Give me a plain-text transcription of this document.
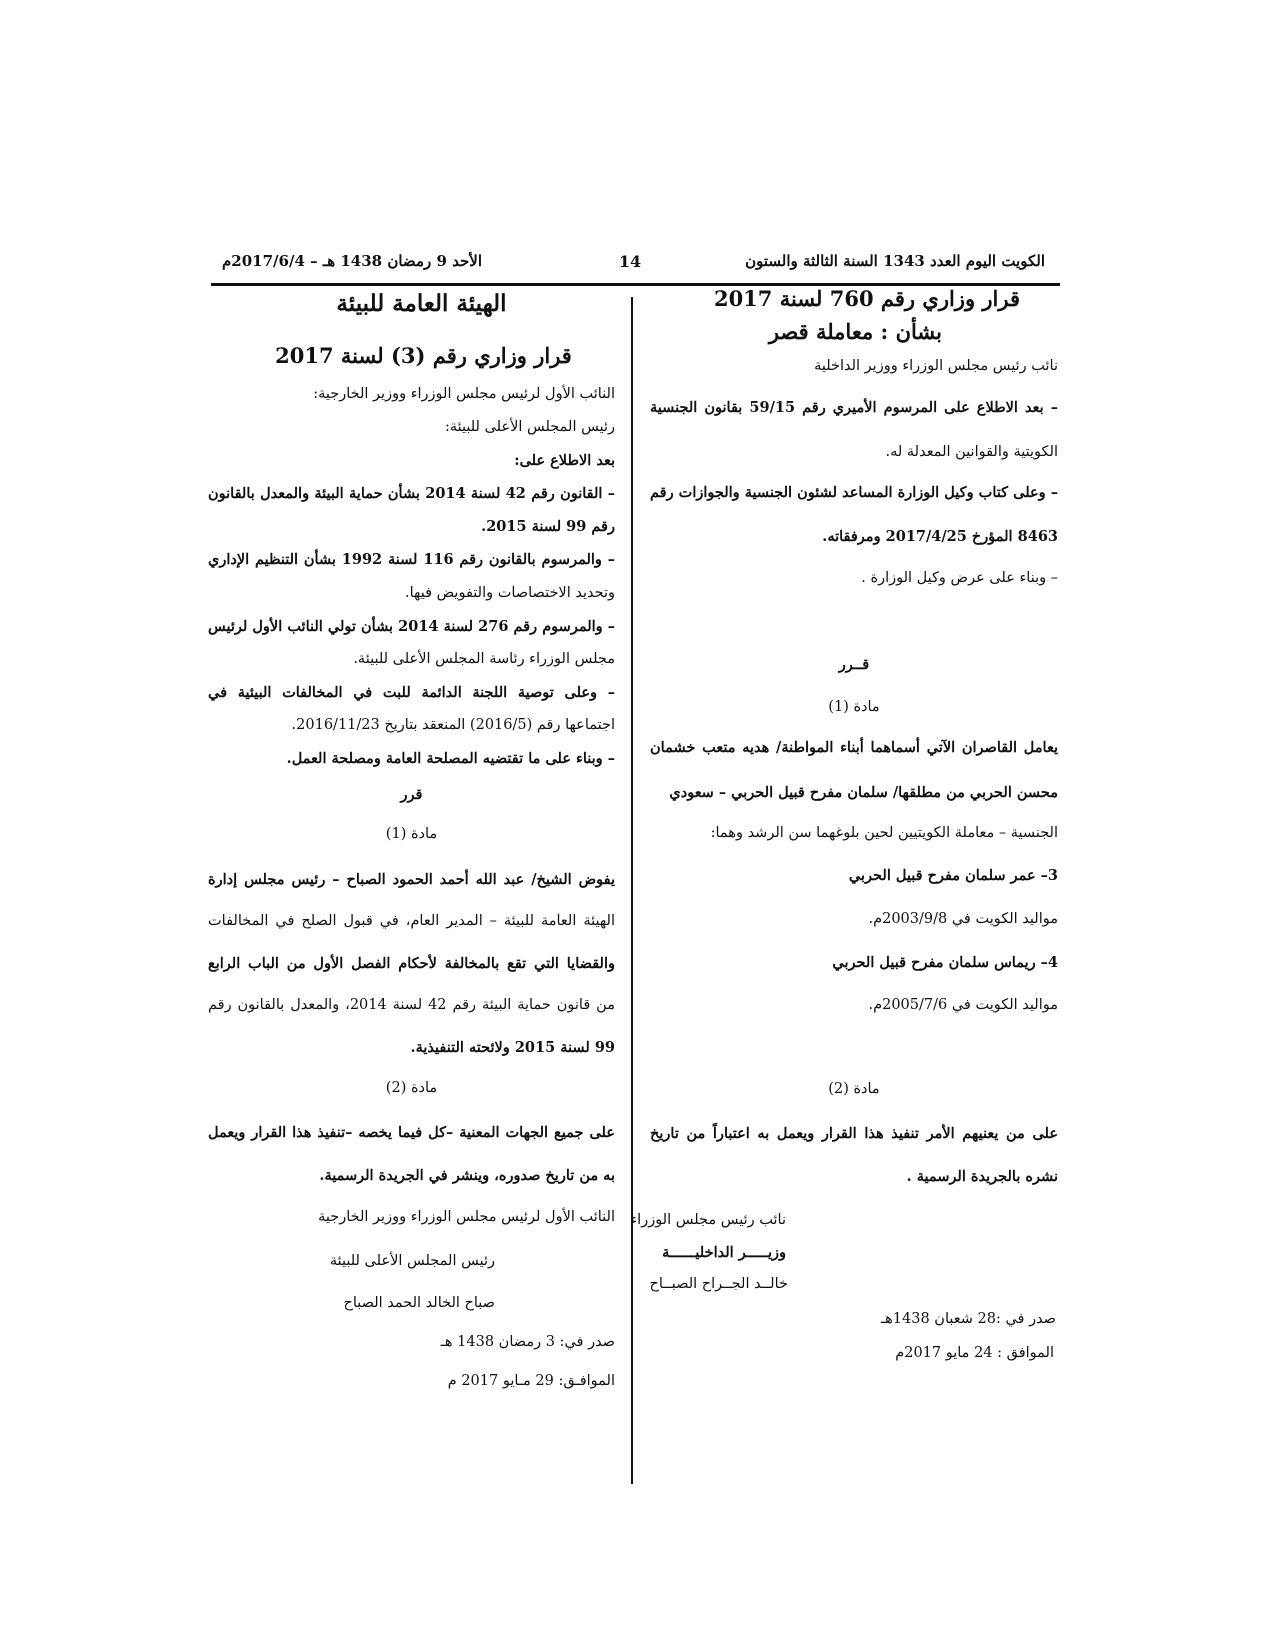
الكويت اليوم العدد 1343 السنة الثالثة والستون
14
الأحد 9 رمضان 1438 هـ – 2017/6/4م
قرار وزاري رقم 760 لسنة 2017
بشأن : معاملة قصر
نائب رئيس مجلس الوزراء ووزير الداخلية
– بعد الاطلاع على المرسوم الأميري رقم 59/15 بقانون الجنسية
الكويتية والقوانين المعدلة له.
– وعلى كتاب وكيل الوزارة المساعد لشئون الجنسية والجوازات رقم
8463 المؤرخ 2017/4/25 ومرفقاته.
– وبناء على عرض وكيل الوزارة .
قــرر
مادة (1)
يعامل القاصران الآتي أسماهما أبناء المواطنة/ هديه متعب خشمان
محسن الحربي من مطلقها/ سلمان مفرح قبيل الحربي – سعودي
الجنسية – معاملة الكويتيين لحين بلوغهما سن الرشد وهما:
3– عمر سلمان مفرح قبيل الحربي
مواليد الكويت في 2003/9/8م.
4– ريماس سلمان مفرح قبيل الحربي
مواليد الكويت في 2005/7/6م.
مادة (2)
على من يعنيهم الأمر تنفيذ هذا القرار ويعمل به اعتباراً من تاريخ
نشره بالجريدة الرسمية .
نائب رئيس مجلس الوزراء
وزيـــــر الداخليــــــة
خالــد الجــراح الصبــاح
صدر في :28 شعبان 1438هـ
الموافق : 24 مايو 2017م
الهيئة العامة للبيئة
قرار وزاري رقم (3) لسنة 2017
النائب الأول لرئيس مجلس الوزراء ووزير الخارجية:
رئيس المجلس الأعلى للبيئة:
بعد الاطلاع على:
– القانون رقم 42 لسنة 2014 بشأن حماية البيئة والمعدل بالقانون
رقم 99 لسنة 2015.
– والمرسوم بالقانون رقم 116 لسنة 1992 بشأن التنظيم الإداري
وتحديد الاختصاصات والتفويض فيها.
– والمرسوم رقم 276 لسنة 2014 بشأن تولي النائب الأول لرئيس
مجلس الوزراء رئاسة المجلس الأعلى للبيئة.
– وعلى توصية اللجنة الدائمة للبت في المخالفات البيئية في
اجتماعها رقم (2016/5) المنعقد بتاريخ 2016/11/23.
– وبناء على ما تقتضيه المصلحة العامة ومصلحة العمل.
قرر
مادة (1)
يفوض الشيخ/ عبد الله أحمد الحمود الصباح – رئيس مجلس إدارة
الهيئة العامة للبيئة – المدير العام، في قبول الصلح في المخالفات
والقضايا التي تقع بالمخالفة لأحكام الفصل الأول من الباب الرابع
من قانون حماية البيئة رقم 42 لسنة 2014، والمعدل بالقانون رقم
99 لسنة 2015 ولائحته التنفيذية.
مادة (2)
على جميع الجهات المعنية –كل فيما يخصه –تنفيذ هذا القرار ويعمل
به من تاريخ صدوره، وينشر في الجريدة الرسمية.
النائب الأول لرئيس مجلس الوزراء ووزير الخارجية
رئيس المجلس الأعلى للبيئة
صباح الخالد الحمد الصباح
صدر في: 3 رمضان 1438 هـ
الموافـق: 29 مـايو 2017 م
